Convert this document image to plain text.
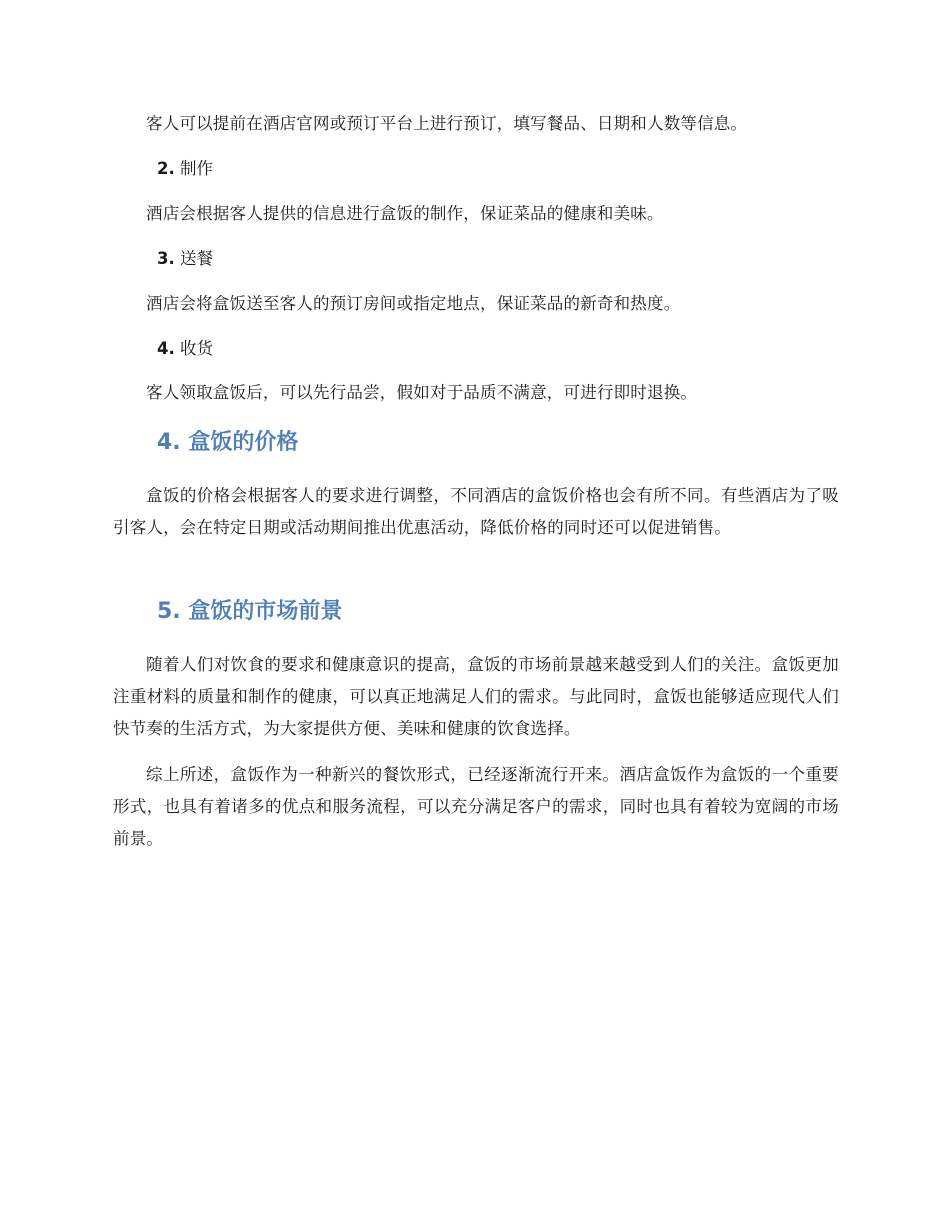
客人可以提前在酒店官网或预订平台上进行预订，填写餐品、日期和人数等信息。

2. 制作

酒店会根据客人提供的信息进行盒饭的制作，保证菜品的健康和美味。

3. 送餐

酒店会将盒饭送至客人的预订房间或指定地点，保证菜品的新奇和热度。

4. 收货

客人领取盒饭后，可以先行品尝，假如对于品质不满意，可进行即时退换。

4. 盒饭的价格

盒饭的价格会根据客人的要求进行调整，不同酒店的盒饭价格也会有所不同。有些酒店为了吸引客人，会在特定日期或活动期间推出优惠活动，降低价格的同时还可以促进销售。

5. 盒饭的市场前景

随着人们对饮食的要求和健康意识的提高，盒饭的市场前景越来越受到人们的关注。盒饭更加注重材料的质量和制作的健康，可以真正地满足人们的需求。与此同时，盒饭也能够适应现代人们快节奏的生活方式，为大家提供方便、美味和健康的饮食选择。

综上所述，盒饭作为一种新兴的餐饮形式，已经逐渐流行开来。酒店盒饭作为盒饭的一个重要形式，也具有着诸多的优点和服务流程，可以充分满足客户的需求，同时也具有着较为宽阔的市场前景。
